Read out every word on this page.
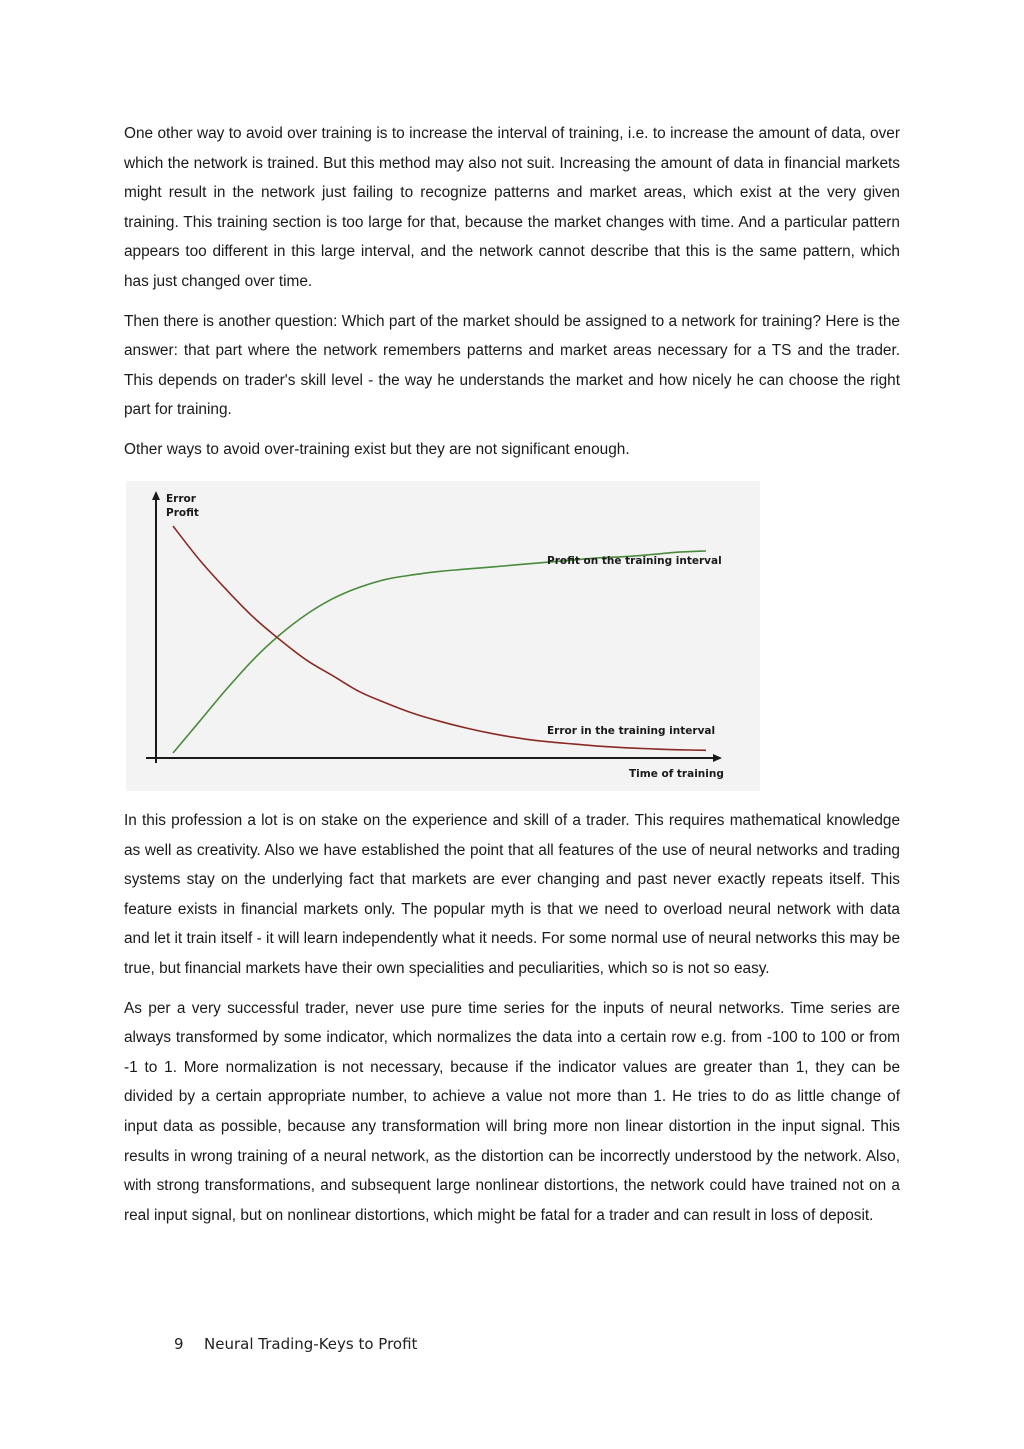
One other way to avoid over training is to increase the interval of training, i.e. to increase the amount of data, over which the network is trained. But this method may also not suit. Increasing the amount of data in financial markets might result in the network just failing to recognize patterns and market areas, which exist at the very given training. This training section is too large for that, because the market changes with time. And a particular pattern appears too different in this large interval, and the network cannot describe that this is the same pattern, which has just changed over time.

Then there is another question: Which part of the market should be assigned to a network for training? Here is the answer: that part where the network remembers patterns and market areas necessary for a TS and the trader. This depends on trader's skill level - the way he understands the market and how nicely he can choose the right part for training.

Other ways to avoid over-training exist but they are not significant enough.

Error
Profit
Profit on the training interval
Error in the training interval
Time of training

In this profession a lot is on stake on the experience and skill of a trader. This requires mathematical knowledge as well as creativity. Also we have established the point that all features of the use of neural networks and trading systems stay on the underlying fact that markets are ever changing and past never exactly repeats itself. This feature exists in financial markets only. The popular myth is that we need to overload neural network with data and let it train itself - it will learn independently what it needs. For some normal use of neural networks this may be true, but financial markets have their own specialities and peculiarities, which so is not so easy.

As per a very successful trader, never use pure time series for the inputs of neural networks. Time series are always transformed by some indicator, which normalizes the data into a certain row e.g. from -100 to 100 or from -1 to 1. More normalization is not necessary, because if the indicator values are greater than 1, they can be divided by a certain appropriate number, to achieve a value not more than 1. He tries to do as little change of input data as possible, because any transformation will bring more non linear distortion in the input signal. This results in wrong training of a neural network, as the distortion can be incorrectly understood by the network. Also, with strong transformations, and subsequent large nonlinear distortions, the network could have trained not on a real input signal, but on nonlinear distortions, which might be fatal for a trader and can result in loss of deposit.

9 Neural Trading-Keys to Profit
